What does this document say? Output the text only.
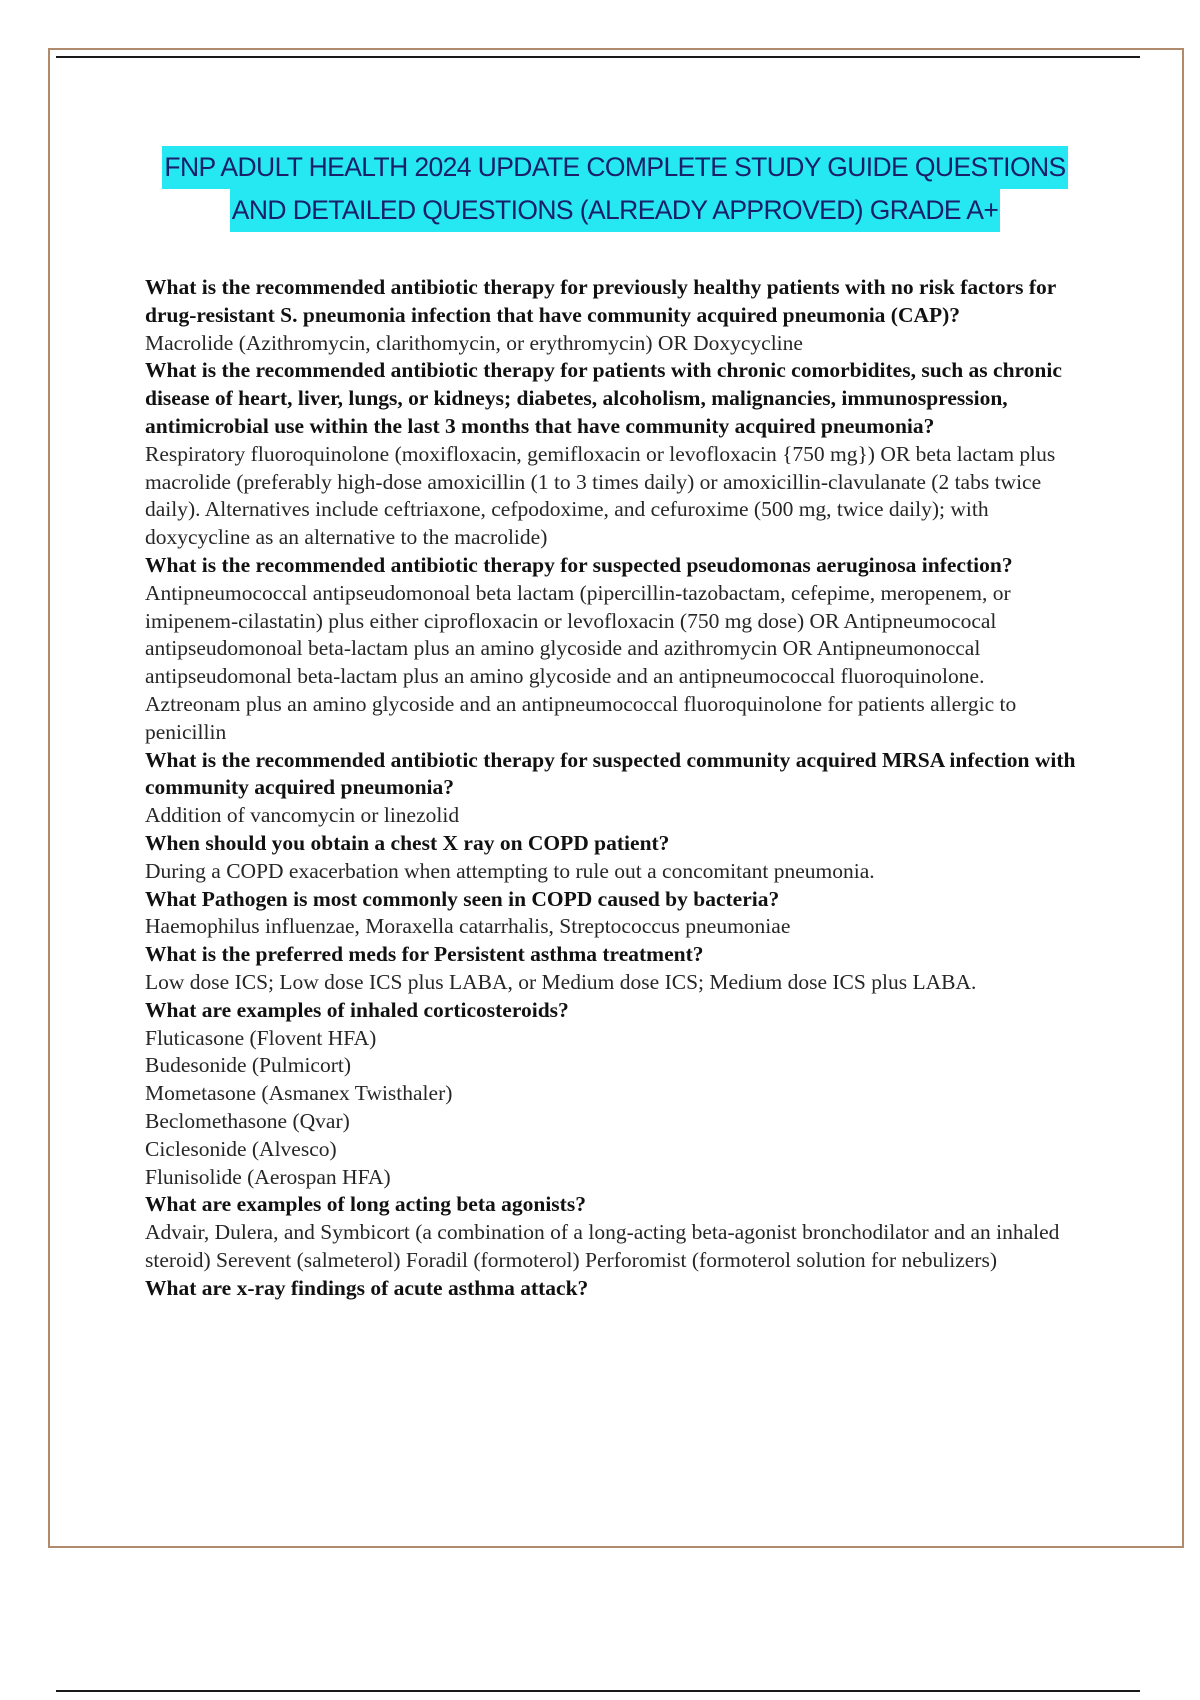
FNP ADULT HEALTH 2024 UPDATE COMPLETE STUDY GUIDE QUESTIONS
AND DETAILED QUESTIONS (ALREADY APPROVED) GRADE A+

What is the recommended antibiotic therapy for previously healthy patients with no risk factors for drug-resistant S. pneumonia infection that have community acquired pneumonia (CAP)?

Macrolide (Azithromycin, clarithomycin, or erythromycin) OR Doxycycline

What is the recommended antibiotic therapy for patients with chronic comorbidites, such as chronic disease of heart, liver, lungs, or kidneys; diabetes, alcoholism, malignancies, immunospression, antimicrobial use within the last 3 months that have community acquired pneumonia?

Respiratory fluoroquinolone (moxifloxacin, gemifloxacin or levofloxacin {750 mg}) OR beta lactam plus macrolide (preferably high-dose amoxicillin (1 to 3 times daily) or amoxicillin-clavulanate (2 tabs twice daily). Alternatives include ceftriaxone, cefpodoxime, and cefuroxime (500 mg, twice daily); with doxycycline as an alternative to the macrolide)

What is the recommended antibiotic therapy for suspected pseudomonas aeruginosa infection?

Antipneumococcal antipseudomonoal beta lactam (pipercillin-tazobactam, cefepime, meropenem, or imipenem-cilastatin) plus either ciprofloxacin or levofloxacin (750 mg dose) OR Antipneumococal antipseudomonoal beta-lactam plus an amino glycoside and azithromycin OR Antipneumonoccal antipseudomonal beta-lactam plus an amino glycoside and an antipneumococcal fluoroquinolone.

Aztreonam plus an amino glycoside and an antipneumococcal fluoroquinolone for patients allergic to penicillin

What is the recommended antibiotic therapy for suspected community acquired MRSA infection with community acquired pneumonia?

Addition of vancomycin or linezolid

When should you obtain a chest X ray on COPD patient?

During a COPD exacerbation when attempting to rule out a concomitant pneumonia.

What Pathogen is most commonly seen in COPD caused by bacteria?

Haemophilus influenzae, Moraxella catarrhalis, Streptococcus pneumoniae

What is the preferred meds for Persistent asthma treatment?

Low dose ICS; Low dose ICS plus LABA, or Medium dose ICS; Medium dose ICS plus LABA.

What are examples of inhaled corticosteroids?

Fluticasone (Flovent HFA)

Budesonide (Pulmicort)

Mometasone (Asmanex Twisthaler)

Beclomethasone (Qvar)

Ciclesonide (Alvesco)

Flunisolide (Aerospan HFA)

What are examples of long acting beta agonists?

Advair, Dulera, and Symbicort (a combination of a long-acting beta-agonist bronchodilator and an inhaled steroid) Serevent (salmeterol) Foradil (formoterol) Perforomist (formoterol solution for nebulizers)

What are x-ray findings of acute asthma attack?
